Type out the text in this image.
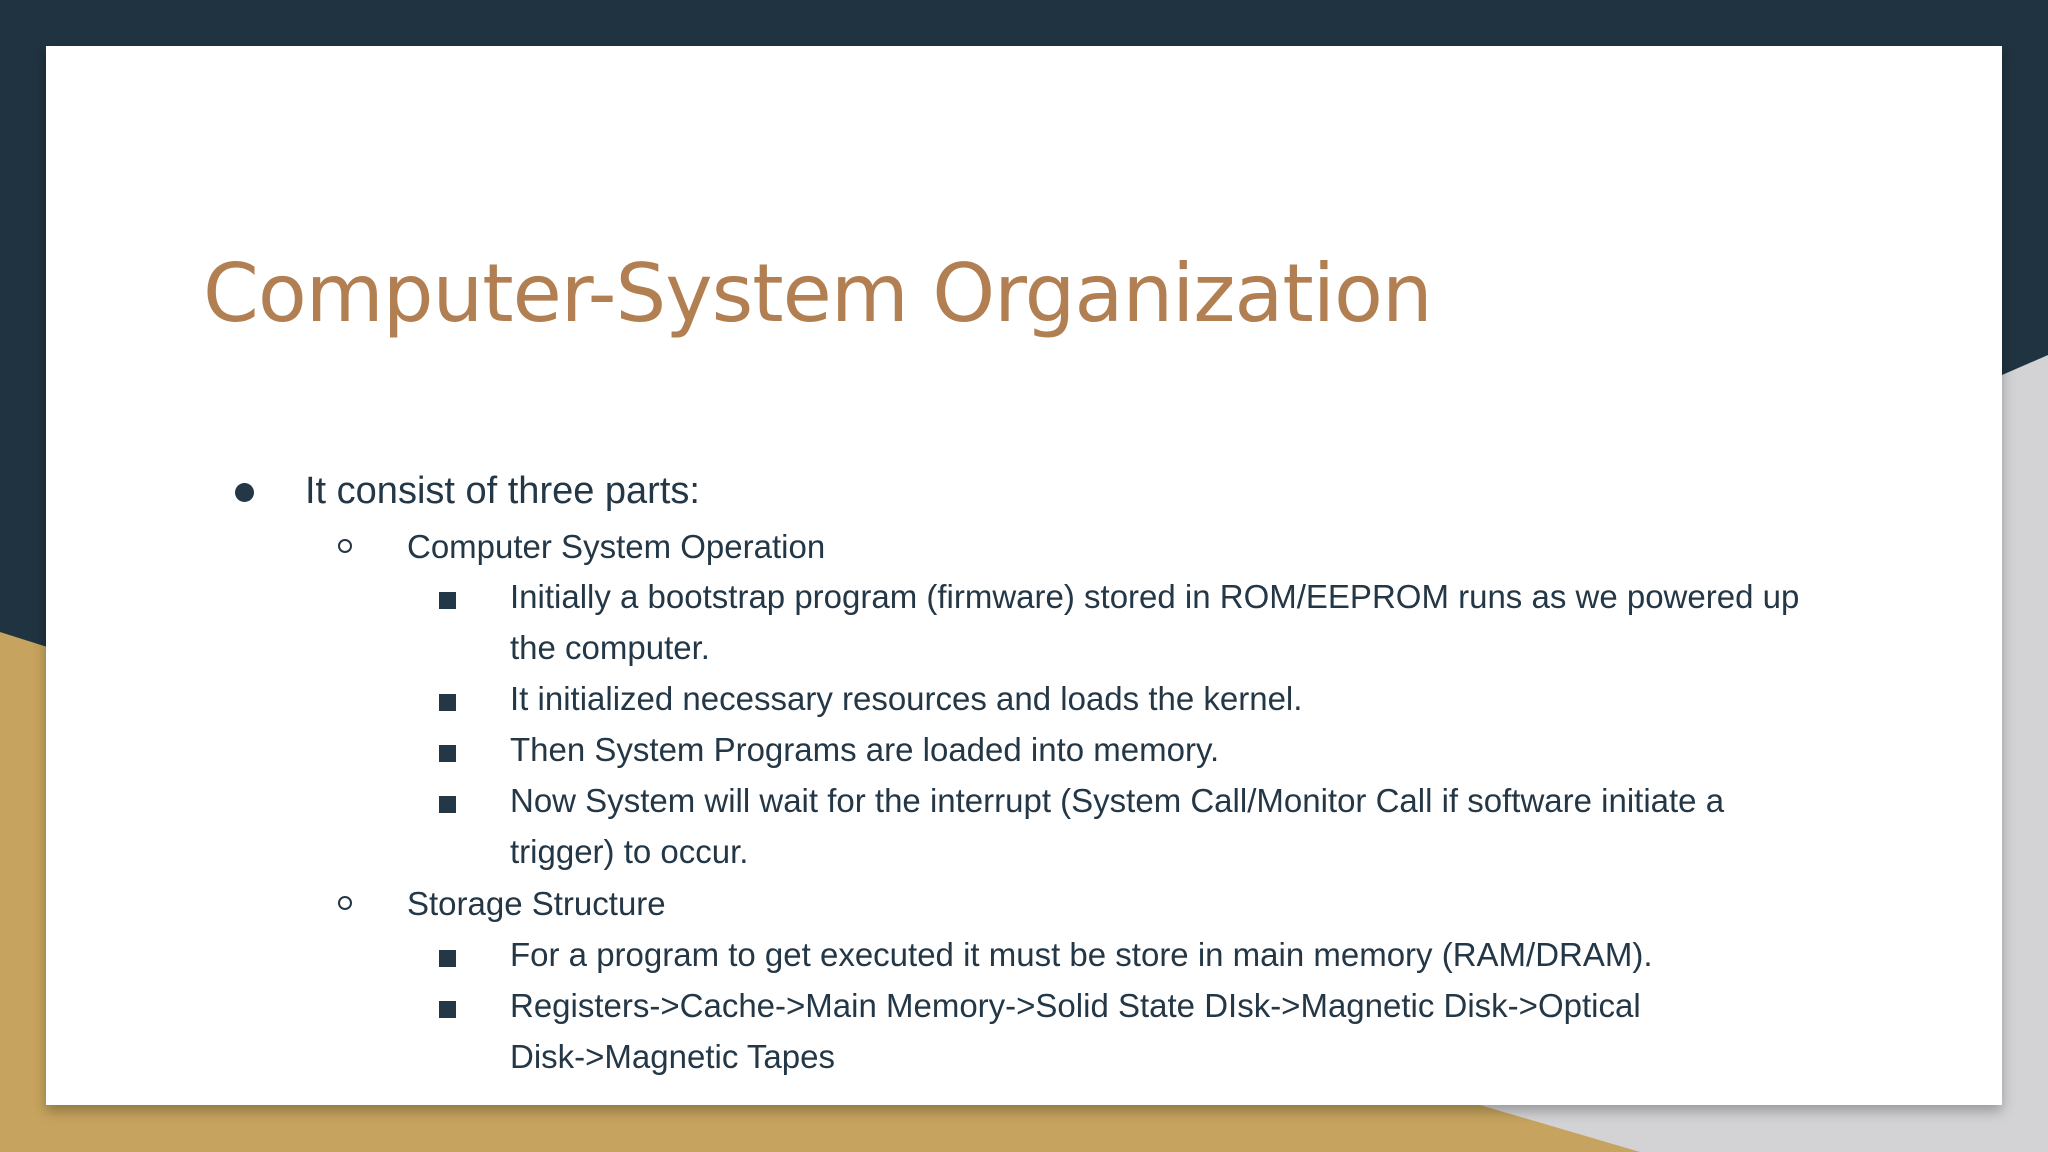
Computer-System Organization
It consist of three parts:
Computer System Operation
Initially a bootstrap program (firmware) stored in ROM/EEPROM runs as we powered up
the computer.
It initialized necessary resources and loads the kernel.
Then System Programs are loaded into memory.
Now System will wait for the interrupt (System Call/Monitor Call if software initiate a
trigger) to occur.
Storage Structure
For a program to get executed it must be store in main memory (RAM/DRAM).
Registers->Cache->Main Memory->Solid State DIsk->Magnetic Disk->Optical
Disk->Magnetic Tapes
